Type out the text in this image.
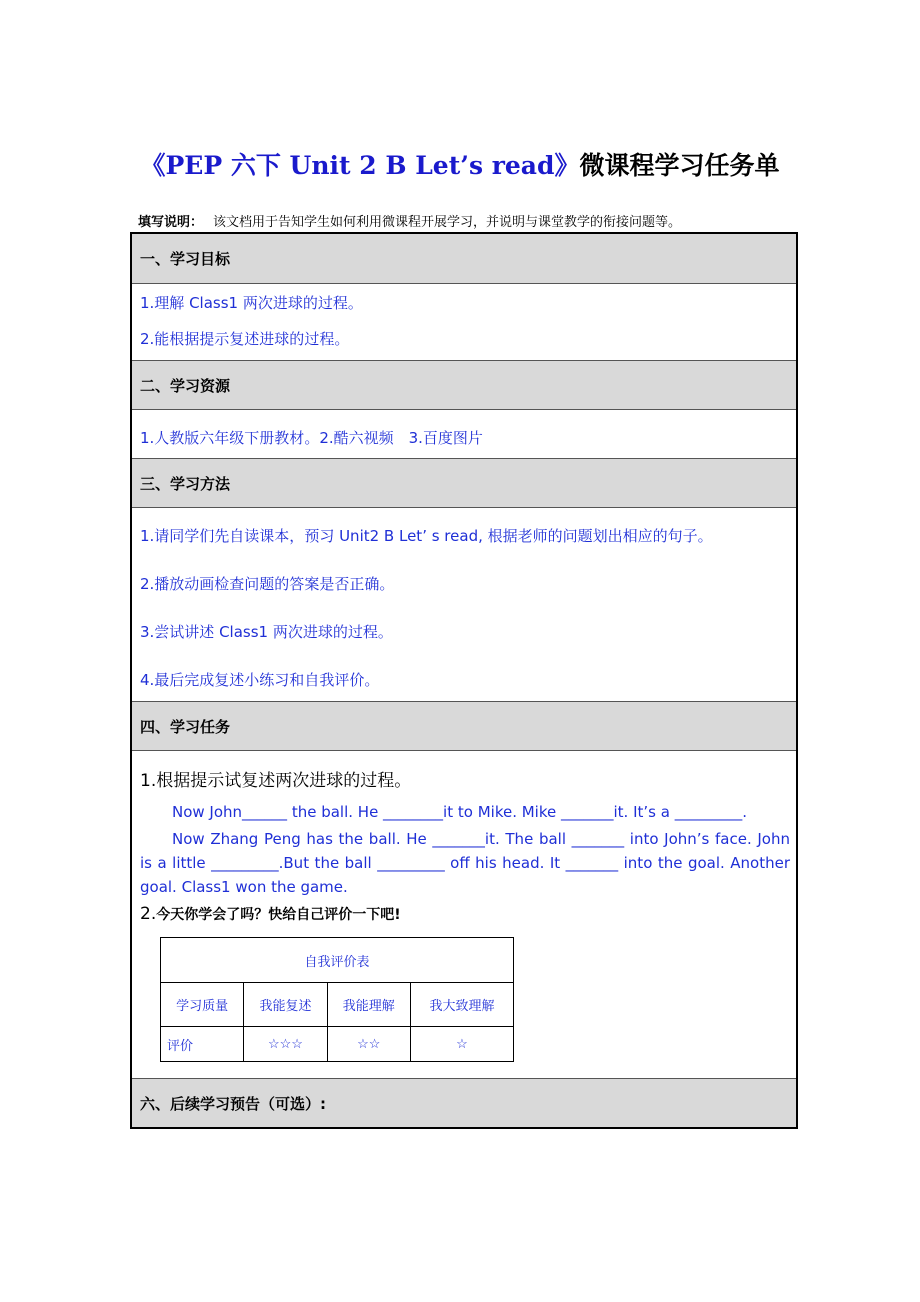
《PEP 六下 Unit 2 B Let’s read》微课程学习任务单
填写说明： 该文档用于告知学生如何利用微课程开展学习，并说明与课堂教学的衔接问题等。
一、学习目标
1.理解 Class1 两次进球的过程。
2.能根据提示复述进球的过程。
二、学习资源
1.人教版六年级下册教材。2.酷六视频　3.百度图片
三、学习方法
1.请同学们先自读课本，预习 Unit2 B Let’ s read, 根据老师的问题划出相应的句子。
2.播放动画检查问题的答案是否正确。
3.尝试讲述 Class1 两次进球的过程。
4.最后完成复述小练习和自我评价。
四、学习任务
1.根据提示试复述两次进球的过程。
Now John______ the ball. He ________it to Mike. Mike _______it. It’s a _________.
Now Zhang Peng has the ball. He _______it. The ball _______ into John’s face. John is a little _________.But the ball _________ off his head. It _______ into the goal. Another goal. Class1 won the game.
2.今天你学会了吗？快给自己评价一下吧!
自我评价表			
学习质量	我能复述	我能理解	我大致理解
评价	☆☆☆	☆☆	☆
六、后续学习预告（可选）:
